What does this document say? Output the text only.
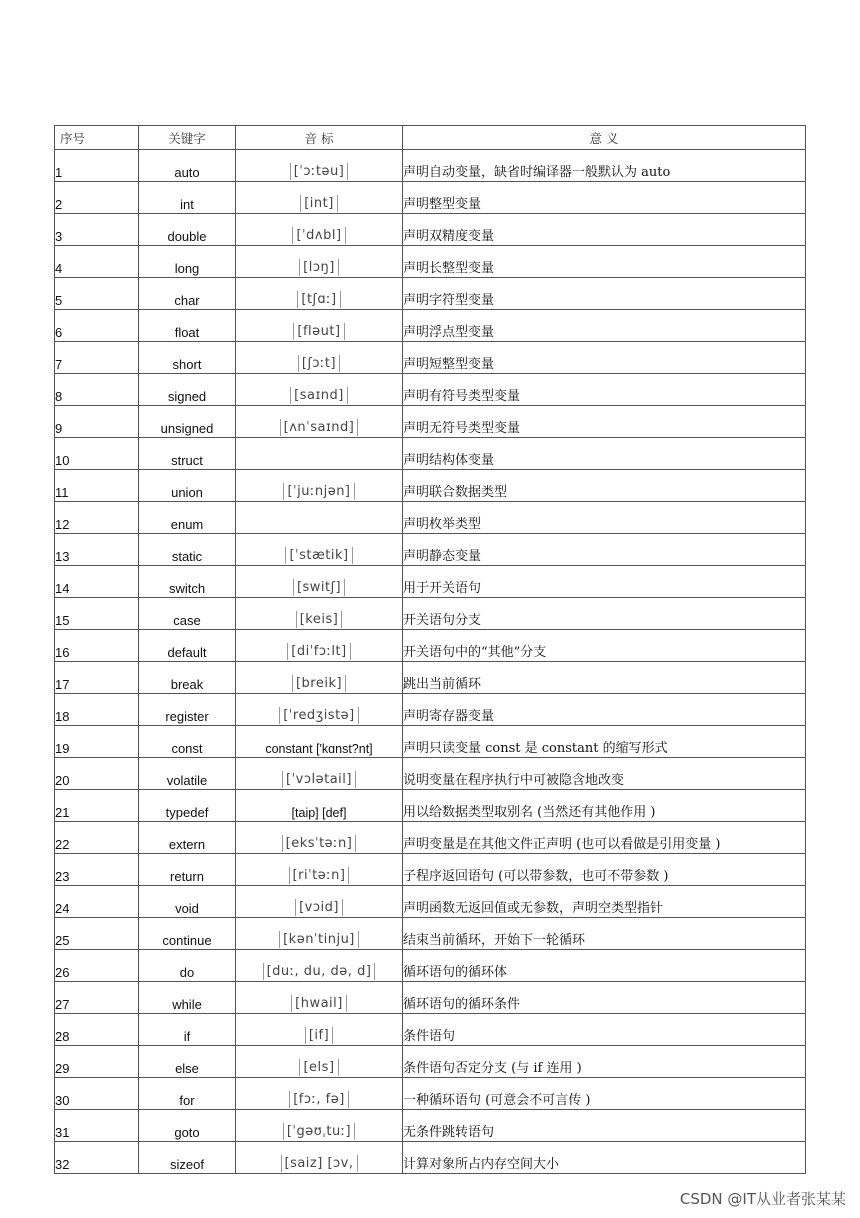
序号	关键字	音 标	意 义
1	auto	[ˈɔːtəu]	声明自动变量，缺省时编译器一般默认为 auto
2	int	[int]	声明整型变量
3	double	[ˈdʌbl]	声明双精度变量
4	long	[lɔŋ]	声明长整型变量
5	char	[tʃɑː]	声明字符型变量
6	float	[fləut]	声明浮点型变量
7	short	[ʃɔːt]	声明短整型变量
8	signed	[saɪnd]	声明有符号类型变量
9	unsigned	[ʌnˈsaɪnd]	声明无符号类型变量
10	struct		声明结构体变量
11	union	[ˈjuːnjən]	声明联合数据类型
12	enum		声明枚举类型
13	static	[ˈstætik]	声明静态变量
14	switch	[switʃ]	用于开关语句
15	case	[keis]	开关语句分支
16	default	[diˈfɔːlt]	开关语句中的“其他”分支
17	break	[breik]	跳出当前循环
18	register	[ˈredʒistə]	声明寄存器变量
19	const	constant ['kɑnst?nt]	声明只读变量 const 是 constant 的缩写形式
20	volatile	[ˈvɔlətail]	说明变量在程序执行中可被隐含地改变
21	typedef	[taip] [def]	用以给数据类型取别名 (当然还有其他作用 )
22	extern	[eksˈtəːn]	声明变量是在其他文件正声明 (也可以看做是引用变量 )
23	return	[riˈtəːn]	子程序返回语句 (可以带参数，也可不带参数 )
24	void	[vɔid]	声明函数无返回值或无参数，声明空类型指针
25	continue	[kənˈtinju]	结束当前循环，开始下一轮循环
26	do	[duː, du, də, d]	循环语句的循环体
27	while	[hwail]	循环语句的循环条件
28	if	[if]	条件语句
29	else	[els]	条件语句否定分支 (与 if 连用 )
30	for	[fɔː, fə]	一种循环语句 (可意会不可言传 )
31	goto	[ˈgəʊˌtuː]	无条件跳转语句
32	sizeof	[saiz] [ɔv,	计算对象所占内存空间大小
CSDN @IT从业者张某某
